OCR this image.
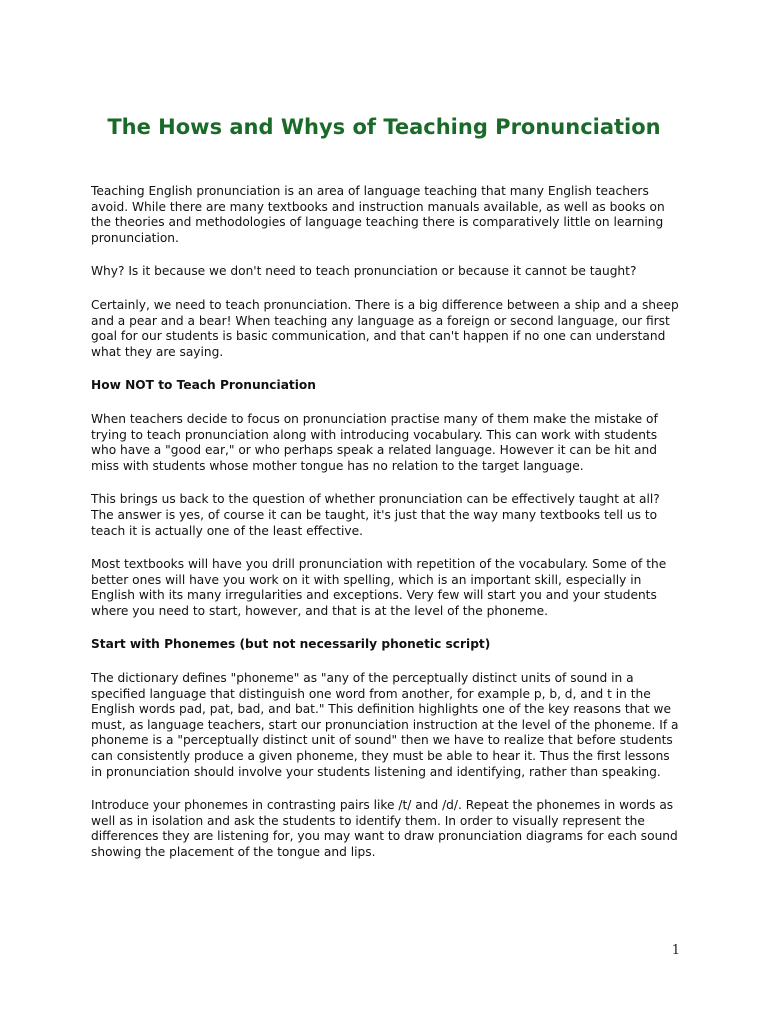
The Hows and Whys of Teaching Pronunciation

Teaching English pronunciation is an area of language teaching that many English teachers avoid. While there are many textbooks and instruction manuals available, as well as books on the theories and methodologies of language teaching there is comparatively little on learning pronunciation.

Why? Is it because we don't need to teach pronunciation or because it cannot be taught?

Certainly, we need to teach pronunciation. There is a big difference between a ship and a sheep and a pear and a bear! When teaching any language as a foreign or second language, our first goal for our students is basic communication, and that can't happen if no one can understand what they are saying.

How NOT to Teach Pronunciation

When teachers decide to focus on pronunciation practise many of them make the mistake of trying to teach pronunciation along with introducing vocabulary. This can work with students who have a "good ear," or who perhaps speak a related language. However it can be hit and miss with students whose mother tongue has no relation to the target language.

This brings us back to the question of whether pronunciation can be effectively taught at all? The answer is yes, of course it can be taught, it's just that the way many textbooks tell us to teach it is actually one of the least effective.

Most textbooks will have you drill pronunciation with repetition of the vocabulary. Some of the better ones will have you work on it with spelling, which is an important skill, especially in English with its many irregularities and exceptions. Very few will start you and your students where you need to start, however, and that is at the level of the phoneme.

Start with Phonemes (but not necessarily phonetic script)

The dictionary defines "phoneme" as "any of the perceptually distinct units of sound in a specified language that distinguish one word from another, for example p, b, d, and t in the English words pad, pat, bad, and bat." This definition highlights one of the key reasons that we must, as language teachers, start our pronunciation instruction at the level of the phoneme. If a phoneme is a "perceptually distinct unit of sound" then we have to realize that before students can consistently produce a given phoneme, they must be able to hear it. Thus the first lessons in pronunciation should involve your students listening and identifying, rather than speaking.

Introduce your phonemes in contrasting pairs like /t/ and /d/. Repeat the phonemes in words as well as in isolation and ask the students to identify them. In order to visually represent the differences they are listening for, you may want to draw pronunciation diagrams for each sound showing the placement of the tongue and lips.

1
